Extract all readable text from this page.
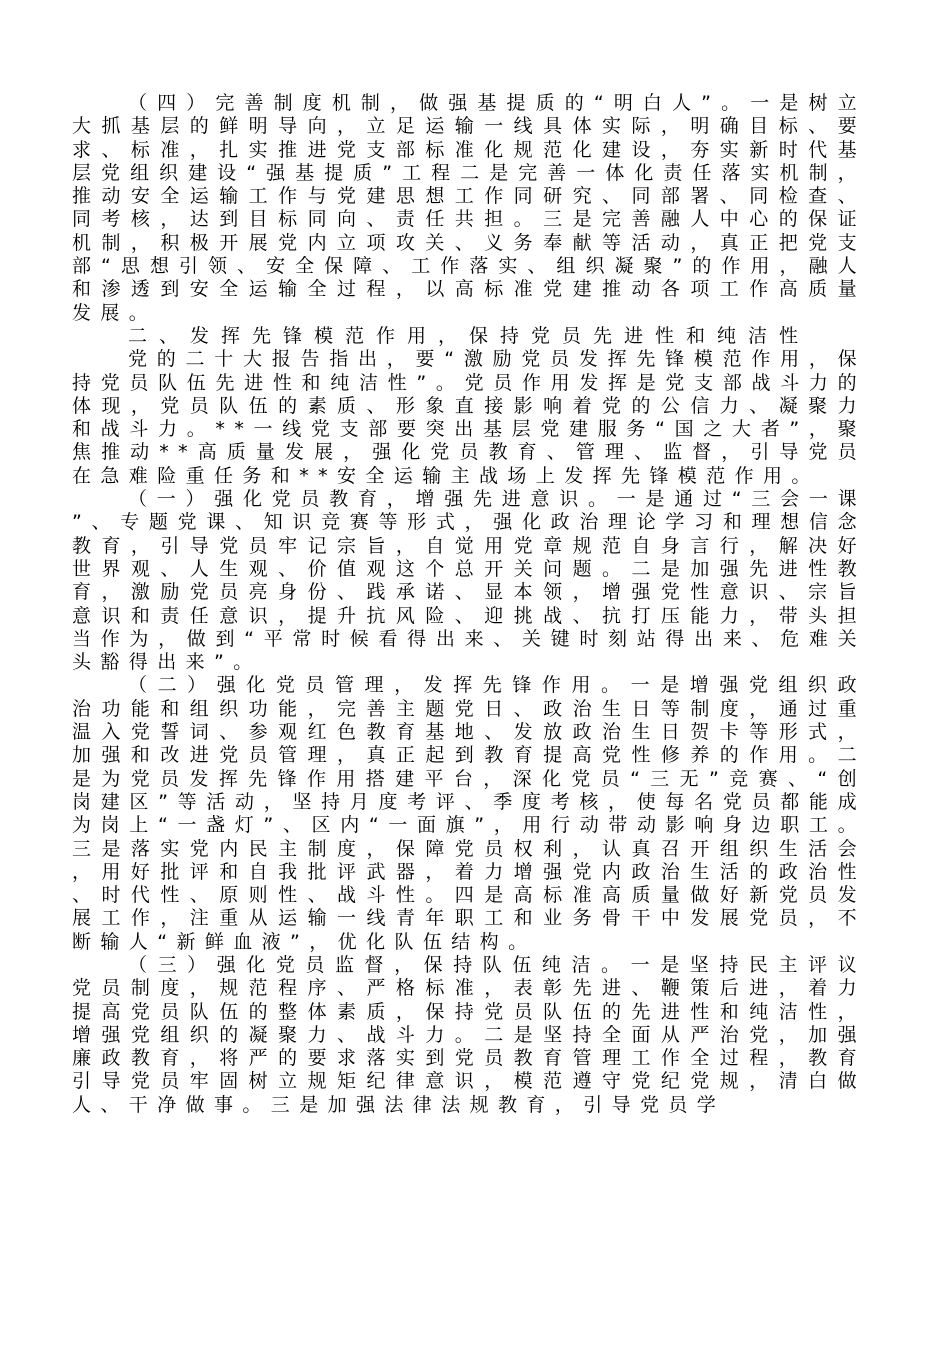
（四）完善制度机制，做强基提质的“明白人”。一是树立大抓基层的鲜明导向，立足运输一线具体实际，明确目标、要求、标准，扎实推进党支部标准化规范化建设，夯实新时代基层党组织建设“强基提质”工程二是完善一体化责任落实机制，推动安全运输工作与党建思想工作同研究、同部署、同检查、同考核，达到目标同向、责任共担。三是完善融人中心的保证机制，积极开展党内立项攻关、义务奉献等活动，真正把党支部“思想引领、安全保障、工作落实、组织凝聚”的作用，融人和渗透到安全运输全过程，以高标准党建推动各项工作高质量发展。

二、发挥先锋模范作用，保持党员先进性和纯洁性

党的二十大报告指出，要“激励党员发挥先锋模范作用，保持党员队伍先进性和纯洁性”。党员作用发挥是党支部战斗力的体现，党员队伍的素质、形象直接影响着党的公信力、凝聚力和战斗力。**一线党支部要突出基层党建服务“国之大者”，聚焦推动**高质量发展，强化党员教育、管理、监督，引导党员在急难险重任务和**安全运输主战场上发挥先锋模范作用。

（一）强化党员教育，增强先进意识。一是通过“三会一课”、专题党课、知识竞赛等形式，强化政治理论学习和理想信念教育，引导党员牢记宗旨，自觉用党章规范自身言行，解决好世界观、人生观、价值观这个总开关问题。二是加强先进性教育，激励党员亮身份、践承诺、显本领，增强党性意识、宗旨意识和责任意识，提升抗风险、迎挑战、抗打压能力，带头担当作为，做到“平常时候看得出来、关键时刻站得出来、危难关头豁得出来”。

（二）强化党员管理，发挥先锋作用。一是增强党组织政治功能和组织功能，完善主题党日、政治生日等制度，通过重温入党誓词、参观红色教育基地、发放政治生日贺卡等形式，加强和改进党员管理，真正起到教育提高党性修养的作用。二是为党员发挥先锋作用搭建平台，深化党员“三无”竞赛、“创岗建区”等活动，坚持月度考评、季度考核，使每名党员都能成为岗上“一盏灯”、区内“一面旗”，用行动带动影响身边职工。三是落实党内民主制度，保障党员权利，认真召开组织生活会，用好批评和自我批评武器，着力增强党内政治生活的政治性、时代性、原则性、战斗性。四是高标准高质量做好新党员发展工作，注重从运输一线青年职工和业务骨干中发展党员，不断输人“新鲜血液”，优化队伍结构。

（三）强化党员监督，保持队伍纯洁。一是坚持民主评议党员制度，规范程序、严格标准，表彰先进、鞭策后进，着力提高党员队伍的整体素质，保持党员队伍的先进性和纯洁性，增强党组织的凝聚力、战斗力。二是坚持全面从严治党，加强廉政教育，将严的要求落实到党员教育管理工作全过程，教育引导党员牢固树立规矩纪律意识，模范遵守党纪党规，清白做人、干净做事。三是加强法律法规教育，引导党员学
